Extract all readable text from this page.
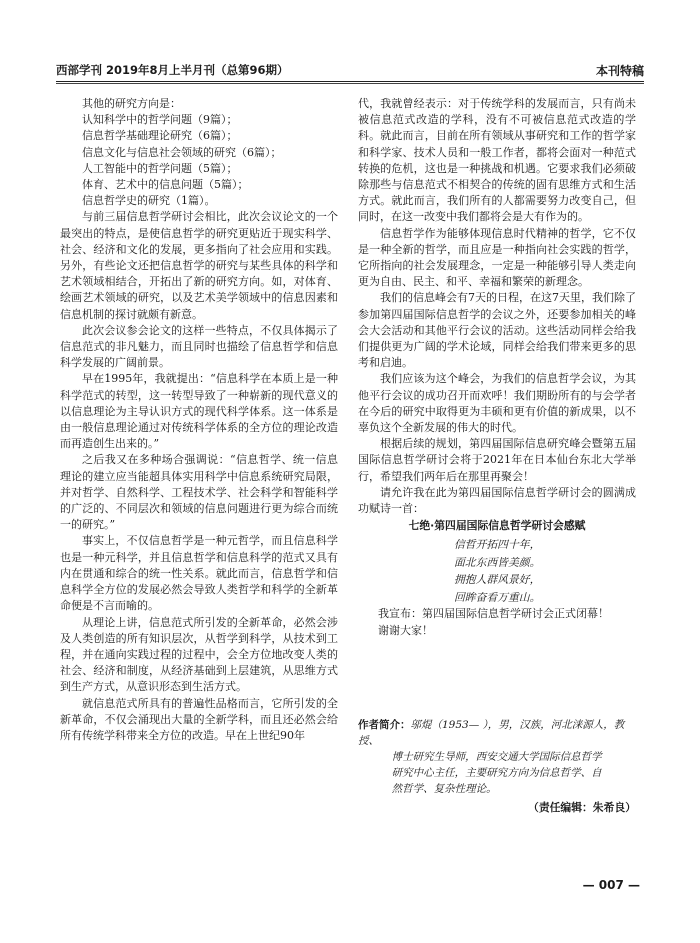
西部学刊 2019年8月上半月刊（总第96期）	本刊特稿

其他的研究方向是：

认知科学中的哲学问题（9篇）；
信息哲学基础理论研究（6篇）；
信息文化与信息社会领域的研究（6篇）；
人工智能中的哲学问题（5篇）；
体育、艺术中的信息问题（5篇）；
信息哲学史的研究（1篇）。

与前三届信息哲学研讨会相比，此次会议论文的一个最突出的特点，是使信息哲学的研究更贴近于现实科学、社会、经济和文化的发展，更多指向了社会应用和实践。另外，有些论文还把信息哲学的研究与某些具体的科学和艺术领域相结合，开拓出了新的研究方向。如，对体育、绘画艺术领域的研究，以及艺术美学领域中的信息因素和信息机制的探讨就颇有新意。

此次会议参会论文的这样一些特点，不仅具体揭示了信息范式的非凡魅力，而且同时也描绘了信息哲学和信息科学发展的广阔前景。

早在1995年，我就提出：“信息科学在本质上是一种科学范式的转型，这一转型导致了一种崭新的现代意义的以信息理论为主导认识方式的现代科学体系。这一体系是由一般信息理论通过对传统科学体系的全方位的理论改造而再造创生出来的。”

之后我又在多种场合强调说：“信息哲学、统一信息理论的建立应当能超具体实用科学中信息系统研究局限，并对哲学、自然科学、工程技术学、社会科学和智能科学的广泛的、不同层次和领域的信息问题进行更为综合而统一的研究。”

事实上，不仅信息哲学是一种元哲学，而且信息科学也是一种元科学，并且信息哲学和信息科学的范式又具有内在贯通和综合的统一性关系。就此而言，信息哲学和信息科学全方位的发展必然会导致人类哲学和科学的全新革命便是不言而喻的。

从理论上讲，信息范式所引发的全新革命，必然会涉及人类创造的所有知识层次，从哲学到科学，从技术到工程，并在通向实践过程的过程中，会全方位地改变人类的社会、经济和制度，从经济基础到上层建筑，从思维方式到生产方式，从意识形态到生活方式。

就信息范式所具有的普遍性品格而言，它所引发的全新革命，不仅会涌现出大量的全新学科，而且还必然会给所有传统学科带来全方位的改造。早在上世纪90年

代，我就曾经表示：对于传统学科的发展而言，只有尚未被信息范式改造的学科，没有不可被信息范式改造的学科。就此而言，目前在所有领域从事研究和工作的哲学家和科学家、技术人员和一般工作者，都将会面对一种范式转换的危机，这也是一种挑战和机遇。它要求我们必须破除那些与信息范式不相契合的传统的固有思维方式和生活方式。就此而言，我们所有的人都需要努力改变自己，但同时，在这一改变中我们都将会是大有作为的。

信息哲学作为能够体现信息时代精神的哲学，它不仅是一种全新的哲学，而且应是一种指向社会实践的哲学，它所指向的社会发展理念，一定是一种能够引导人类走向更为自由、民主、和平、幸福和繁荣的新理念。

我们的信息峰会有7天的日程，在这7天里，我们除了参加第四届国际信息哲学的会议之外，还要参加相关的峰会大会活动和其他平行会议的活动。这些活动同样会给我们提供更为广阔的学术论域，同样会给我们带来更多的思考和启迪。

我们应该为这个峰会，为我们的信息哲学会议，为其他平行会议的成功召开而欢呼！我们期盼所有的与会学者在今后的研究中取得更为丰硕和更有价值的新成果，以不辜负这个全新发展的伟大的时代。

根据后续的规划，第四届国际信息研究峰会暨第五届国际信息哲学研讨会将于2021年在日本仙台东北大学举行，希望我们两年后在那里再聚会！

请允许我在此为第四届国际信息哲学研讨会的圆满成功赋诗一首：

七绝·第四届国际信息哲学研讨会感赋
信哲开拓四十年，
面北东西皆美颜。
拥抱人群风景好，
回眸奋看万重山。
我宣布：第四届国际信息哲学研讨会正式闭幕！
谢谢大家！
作者简介：邬焜（1953— ），男，汉族，河北涞源人，教授、
博士研究生导师，西安交通大学国际信息哲学
研究中心主任，主要研究方向为信息哲学、自
然哲学、复杂性理论。
（责任编辑：朱希良）
— 007 —
